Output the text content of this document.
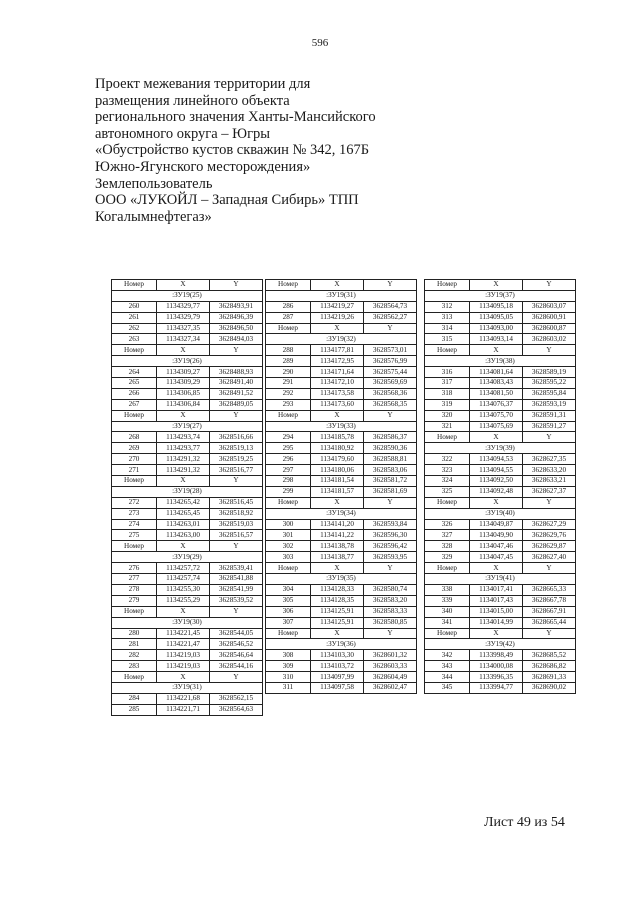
596
Проект межевания территории для
размещения линейного объекта
регионального значения Ханты-Мансийского
автономного округа – Югры
«Обустройство кустов скважин № 342, 167Б
Южно-Ягунского месторождения»
Землепользователь
ООО «ЛУКОЙЛ – Западная Сибирь» ТПП
Когалымнефтегаз»
Номер	X	Y
:ЗУ19(25)		
260	1134329,77	3628493,91
261	1134329,79	3628496,39
262	1134327,35	3628496,50
263	1134327,34	3628494,03
Номер	X	Y
:ЗУ19(26)		
264	1134309,27	3628488,93
265	1134309,29	3628491,40
266	1134306,85	3628491,52
267	1134306,84	3628489,05
Номер	X	Y
:ЗУ19(27)		
268	1134293,74	3628516,66
269	1134293,77	3628519,13
270	1134291,32	3628519,25
271	1134291,32	3628516,77
Номер	X	Y
:ЗУ19(28)		
272	1134265,42	3628516,45
273	1134265,45	3628518,92
274	1134263,01	3628519,03
275	1134263,00	3628516,57
Номер	X	Y
:ЗУ19(29)		
276	1134257,72	3628539,41
277	1134257,74	3628541,88
278	1134255,30	3628541,99
279	1134255,29	3628539,52
Номер	X	Y
:ЗУ19(30)		
280	1134221,45	3628544,05
281	1134221,47	3628546,52
282	1134219,03	3628546,64
283	1134219,03	3628544,16
Номер	X	Y
:ЗУ19(31)		
284	1134221,68	3628562,15
285	1134221,71	3628564,63
Номер	X	Y
:ЗУ19(31)		
286	1134219,27	3628564,73
287	1134219,26	3628562,27
Номер	X	Y
:ЗУ19(32)		
288	1134177,81	3628573,01
289	1134172,95	3628576,99
290	1134171,64	3628575,44
291	1134172,10	3628569,69
292	1134173,58	3628568,36
293	1134173,60	3628568,35
Номер	X	Y
:ЗУ19(33)		
294	1134185,78	3628586,37
295	1134180,92	3628590,36
296	1134179,60	3628588,81
297	1134180,06	3628583,06
298	1134181,54	3628581,72
299	1134181,57	3628581,69
Номер	X	Y
:ЗУ19(34)		
300	1134141,20	3628593,84
301	1134141,22	3628596,30
302	1134138,78	3628596,42
303	1134138,77	3628593,95
Номер	X	Y
:ЗУ19(35)		
304	1134128,33	3628580,74
305	1134128,35	3628583,20
306	1134125,91	3628583,33
307	1134125,91	3628580,85
Номер	X	Y
:ЗУ19(36)		
308	1134103,30	3628601,32
309	1134103,72	3628603,33
310	1134097,99	3628604,49
311	1134097,58	3628602,47
Номер	X	Y
:ЗУ19(37)		
312	1134095,18	3628603,07
313	1134095,05	3628600,91
314	1134093,00	3628600,87
315	1134093,14	3628603,02
Номер	X	Y
:ЗУ19(38)		
316	1134081,64	3628589,19
317	1134083,43	3628595,22
318	1134081,50	3628595,84
319	1134076,37	3628593,19
320	1134075,70	3628591,31
321	1134075,69	3628591,27
Номер	X	Y
:ЗУ19(39)		
322	1134094,53	3628627,35
323	1134094,55	3628633,20
324	1134092,50	3628633,21
325	1134092,48	3628627,37
Номер	X	Y
:ЗУ19(40)		
326	1134049,87	3628627,29
327	1134049,90	3628629,76
328	1134047,46	3628629,87
329	1134047,45	3628627,40
Номер	X	Y
:ЗУ19(41)		
338	1134017,41	3628665,33
339	1134017,43	3628667,78
340	1134015,00	3628667,91
341	1134014,99	3628665,44
Номер	X	Y
:ЗУ19(42)		
342	1133998,49	3628685,52
343	1134000,08	3628686,82
344	1133996,35	3628691,33
345	1133994,77	3628690,02
Лист 49 из 54
